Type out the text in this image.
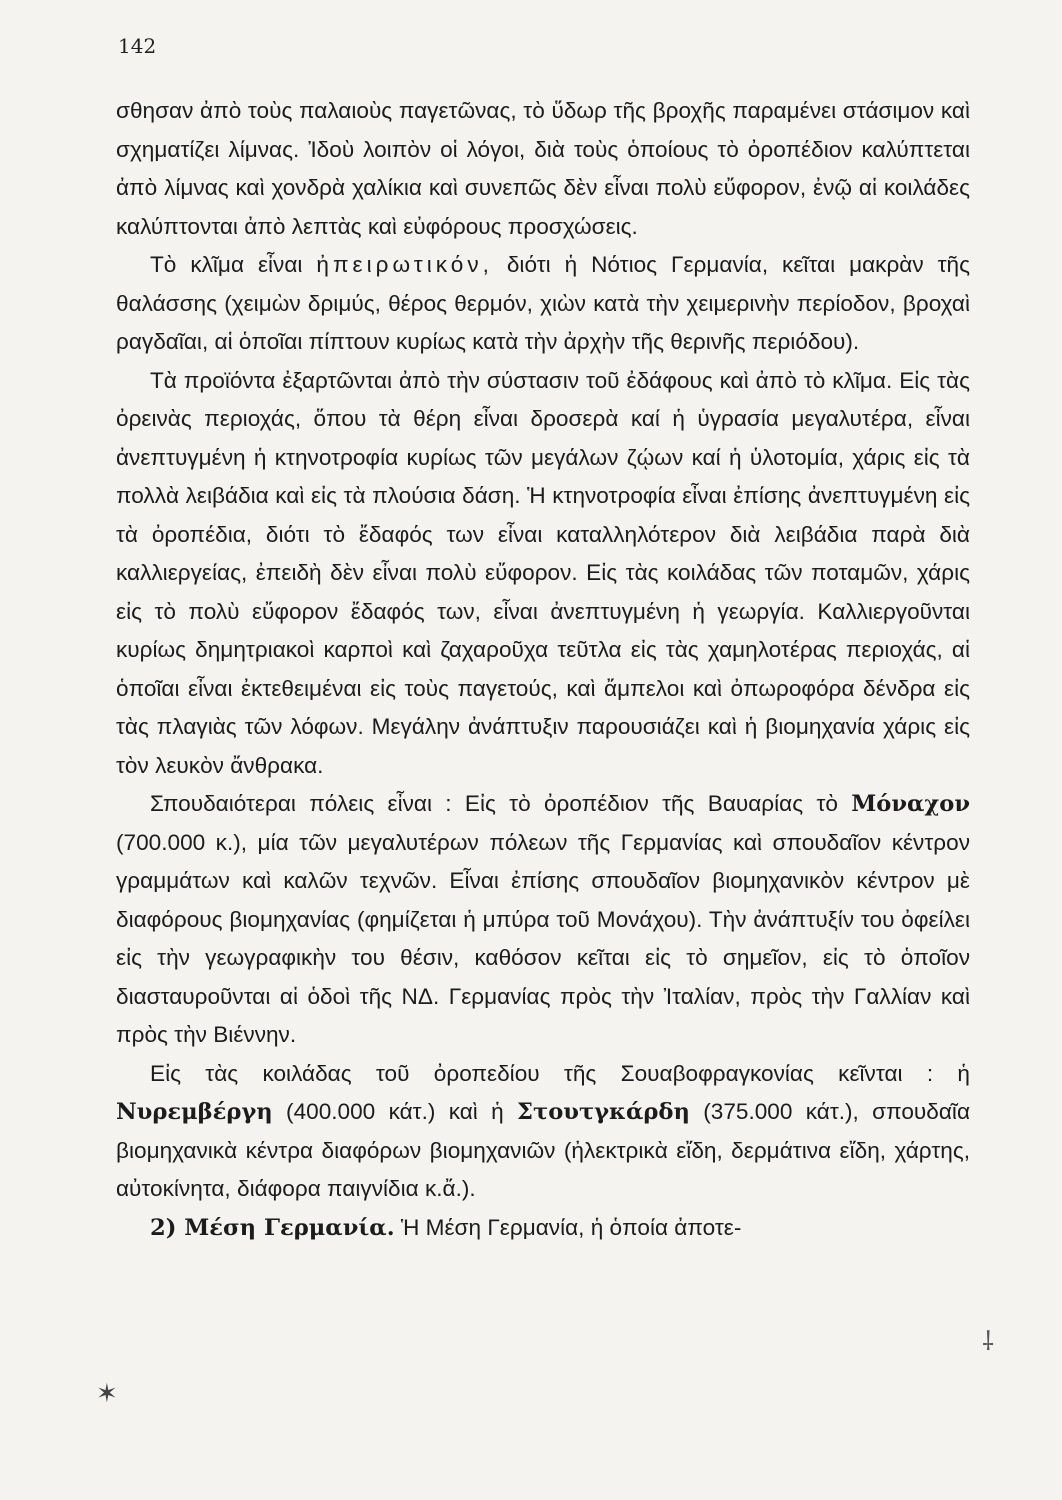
142

σθησαν ἀπὸ τοὺς παλαιοὺς παγετῶνας, τὸ ὕδωρ τῆς βροχῆς παραμένει στάσιμον καὶ σχηματίζει λίμνας. Ἰδοὺ λοιπὸν οἱ λόγοι, διὰ τοὺς ὁποίους τὸ ὀροπέδιον καλύπτεται ἀπὸ λίμνας καὶ χονδρὰ χαλίκια καὶ συνεπῶς δὲν εἶναι πολὺ εὔφορον, ἐνῷ αἱ κοιλάδες καλύπτονται ἀπὸ λεπτὰς καὶ εὐφόρους προσχώσεις.

Τὸ κλῖμα εἶναι ἠπειρωτικόν, διότι ἡ Νότιος Γερμανία, κεῖται μακρὰν τῆς θαλάσσης (χειμὼν δριμύς, θέρος θερμόν, χιὼν κατὰ τὴν χειμερινὴν περίοδον, βροχαὶ ραγδαῖαι, αἱ ὁποῖαι πίπτουν κυρίως κατὰ τὴν ἀρχὴν τῆς θερινῆς περιόδου).

Τὰ προϊόντα ἐξαρτῶνται ἀπὸ τὴν σύστασιν τοῦ ἐδάφους καὶ ἀπὸ τὸ κλῖμα. Εἰς τὰς ὀρεινὰς περιοχάς, ὅπου τὰ θέρη εἶναι δροσερὰ καί ἡ ὑγρασία μεγαλυτέρα, εἶναι ἀνεπτυγμένη ἡ κτηνοτροφία κυρίως τῶν μεγάλων ζῴων καί ἡ ὑλοτομία, χάρις εἰς τὰ πολλὰ λειβάδια καὶ εἰς τὰ πλούσια δάση. Ἡ κτηνοτροφία εἶναι ἐπίσης ἀνεπτυγμένη εἰς τὰ ὀροπέδια, διότι τὸ ἔδαφός των εἶναι καταλληλότερον διὰ λειβάδια παρὰ διὰ καλλιεργείας, ἐπειδὴ δὲν εἶναι πολὺ εὔφορον. Εἰς τὰς κοιλάδας τῶν ποταμῶν, χάρις εἰς τὸ πολὺ εὔφορον ἔδαφός των, εἶναι ἀνεπτυγμένη ἡ γεωργία. Καλλιεργοῦνται κυρίως δημητριακοὶ καρποὶ καὶ ζαχαροῦχα τεῦτλα εἰς τὰς χαμηλοτέρας περιοχάς, αἱ ὁποῖαι εἶναι ἐκτεθειμέναι εἰς τοὺς παγετούς, καὶ ἄμπελοι καὶ ὀπωροφόρα δένδρα εἰς τὰς πλαγιὰς τῶν λόφων. Μεγάλην ἀνάπτυξιν παρουσιάζει καὶ ἡ βιομηχανία χάρις εἰς τὸν λευκὸν ἄνθρακα.

Σπουδαιότεραι πόλεις εἶναι : Εἰς τὸ ὀροπέδιον τῆς Βαυαρίας τὸ Μόναχον (700.000 κ.), μία τῶν μεγαλυτέρων πόλεων τῆς Γερμανίας καὶ σπουδαῖον κέντρον γραμμάτων καὶ καλῶν τεχνῶν. Εἶναι ἐπίσης σπουδαῖον βιομηχανικὸν κέντρον μὲ διαφόρους βιομηχανίας (φημίζεται ἡ μπύρα τοῦ Μονάχου). Τὴν ἀνάπτυξίν του ὀφείλει εἰς τὴν γεωγραφικὴν του θέσιν, καθόσον κεῖται εἰς τὸ σημεῖον, εἰς τὸ ὁποῖον διασταυροῦνται αἱ ὁδοὶ τῆς ΝΔ. Γερμανίας πρὸς τὴν Ἰταλίαν, πρὸς τὴν Γαλλίαν καὶ πρὸς τὴν Βιέννην.

Εἰς τὰς κοιλάδας τοῦ ὀροπεδίου τῆς Σουαβοφραγκονίας κεῖνται : ἡ Νυρεμβέργη (400.000 κάτ.) καὶ ἡ Στουτγκάρδη (375.000 κάτ.), σπουδαῖα βιομηχανικὰ κέντρα διαφόρων βιομηχανιῶν (ἠλεκτρικὰ εἴδη, δερμάτινα εἴδη, χάρτης, αὐτοκίνητα, διάφορα παιγνίδια κ.ἄ.).

2) Μέση Γερμανία. Ἡ Μέση Γερμανία, ἡ ὁποία ἀποτε-

⸸
✶
